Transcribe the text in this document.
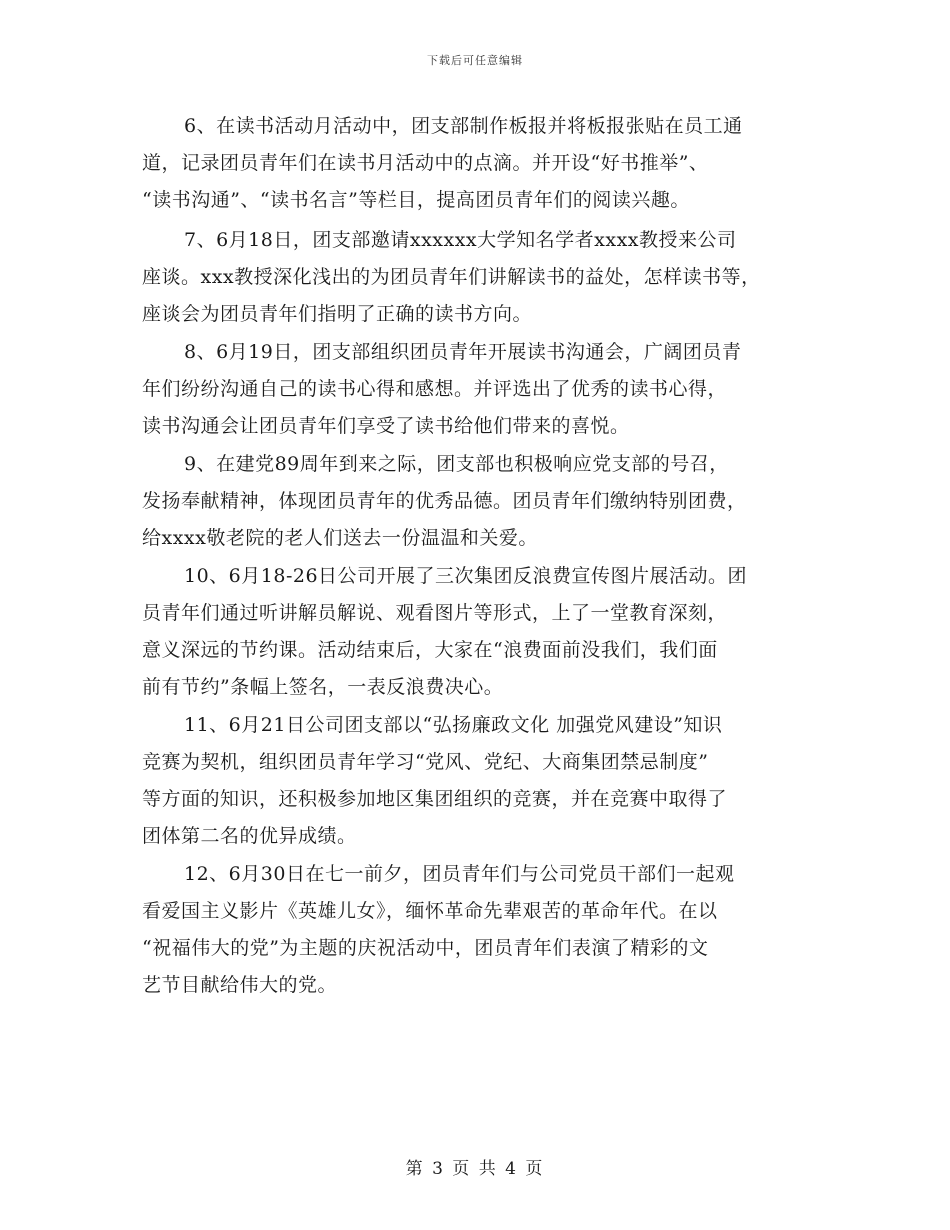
下载后可任意编辑
6、在读书活动月活动中，团支部制作板报并将板报张贴在员工通
道，记录团员青年们在读书月活动中的点滴。并开设“好书推举”、
“读书沟通”、“读书名言”等栏目，提高团员青年们的阅读兴趣。
7、6月18日，团支部邀请xxxxxx大学知名学者xxxx教授来公司
座谈。xxx教授深化浅出的为团员青年们讲解读书的益处，怎样读书等，
座谈会为团员青年们指明了正确的读书方向。
8、6月19日，团支部组织团员青年开展读书沟通会，广阔团员青
年们纷纷沟通自己的读书心得和感想。并评选出了优秀的读书心得，
读书沟通会让团员青年们享受了读书给他们带来的喜悦。
9、在建党89周年到来之际，团支部也积极响应党支部的号召，
发扬奉献精神，体现团员青年的优秀品德。团员青年们缴纳特别团费，
给xxxx敬老院的老人们送去一份温温和关爱。
10、6月18-26日公司开展了三次集团反浪费宣传图片展活动。团
员青年们通过听讲解员解说、观看图片等形式，上了一堂教育深刻，
意义深远的节约课。活动结束后，大家在“浪费面前没我们，我们面
前有节约”条幅上签名，一表反浪费决心。
11、6月21日公司团支部以“弘扬廉政文化 加强党风建设”知识
竞赛为契机，组织团员青年学习“党风、党纪、大商集团禁忌制度”
等方面的知识，还积极参加地区集团组织的竞赛，并在竞赛中取得了
团体第二名的优异成绩。
12、6月30日在七一前夕，团员青年们与公司党员干部们一起观
看爱国主义影片《英雄儿女》，缅怀革命先辈艰苦的革命年代。在以
“祝福伟大的党”为主题的庆祝活动中，团员青年们表演了精彩的文
艺节目献给伟大的党。
第 3 页 共 4 页
